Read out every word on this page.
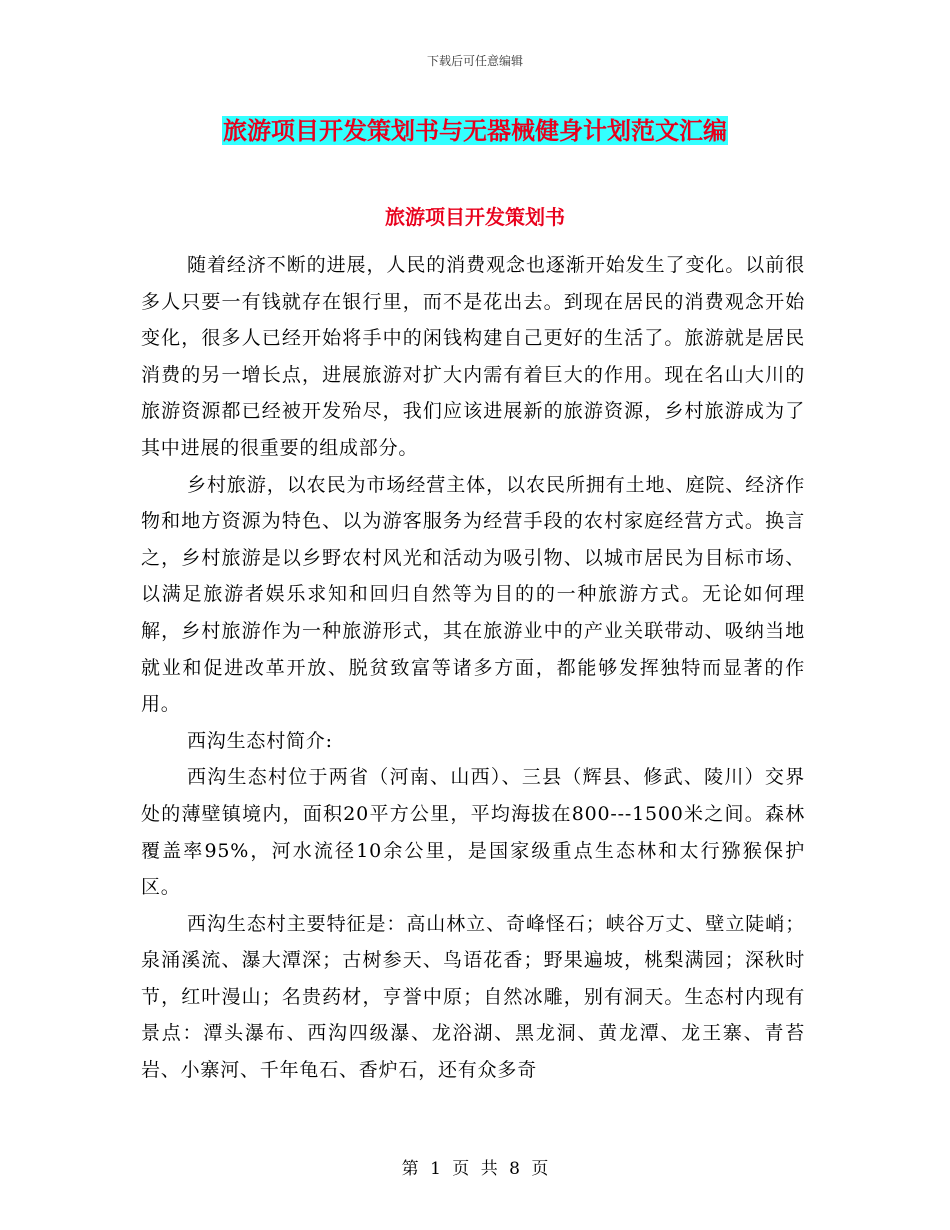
下载后可任意编辑
旅游项目开发策划书与无器械健身计划范文汇编
旅游项目开发策划书

随着经济不断的进展，人民的消费观念也逐渐开始发生了变化。以前很多人只要一有钱就存在银行里，而不是花出去。到现在居民的消费观念开始变化，很多人已经开始将手中的闲钱构建自己更好的生活了。旅游就是居民消费的另一增长点，进展旅游对扩大内需有着巨大的作用。现在名山大川的旅游资源都已经被开发殆尽，我们应该进展新的旅游资源，乡村旅游成为了其中进展的很重要的组成部分。

乡村旅游，以农民为市场经营主体，以农民所拥有土地、庭院、经济作物和地方资源为特色、以为游客服务为经营手段的农村家庭经营方式。换言之，乡村旅游是以乡野农村风光和活动为吸引物、以城市居民为目标市场、以满足旅游者娱乐求知和回归自然等为目的的一种旅游方式。无论如何理解，乡村旅游作为一种旅游形式，其在旅游业中的产业关联带动、吸纳当地就业和促进改革开放、脱贫致富等诸多方面，都能够发挥独特而显著的作用。

西沟生态村简介:

西沟生态村位于两省（河南、山西）、三县（辉县、修武、陵川）交界处的薄壁镇境内，面积20平方公里，平均海拔在800---1500米之间。森林覆盖率95%，河水流径10余公里，是国家级重点生态林和太行猕猴保护区。

西沟生态村主要特征是：高山林立、奇峰怪石；峡谷万丈、壁立陡峭；泉涌溪流、瀑大潭深；古树参天、鸟语花香；野果遍坡，桃梨满园；深秋时节，红叶漫山；名贵药材，亨誉中原；自然冰雕，别有洞天。生态村内现有景点：潭头瀑布、西沟四级瀑、龙浴湖、黑龙洞、黄龙潭、龙王寨、青苔岩、小寨河、千年龟石、香炉石，还有众多奇

第 1 页 共 8 页
